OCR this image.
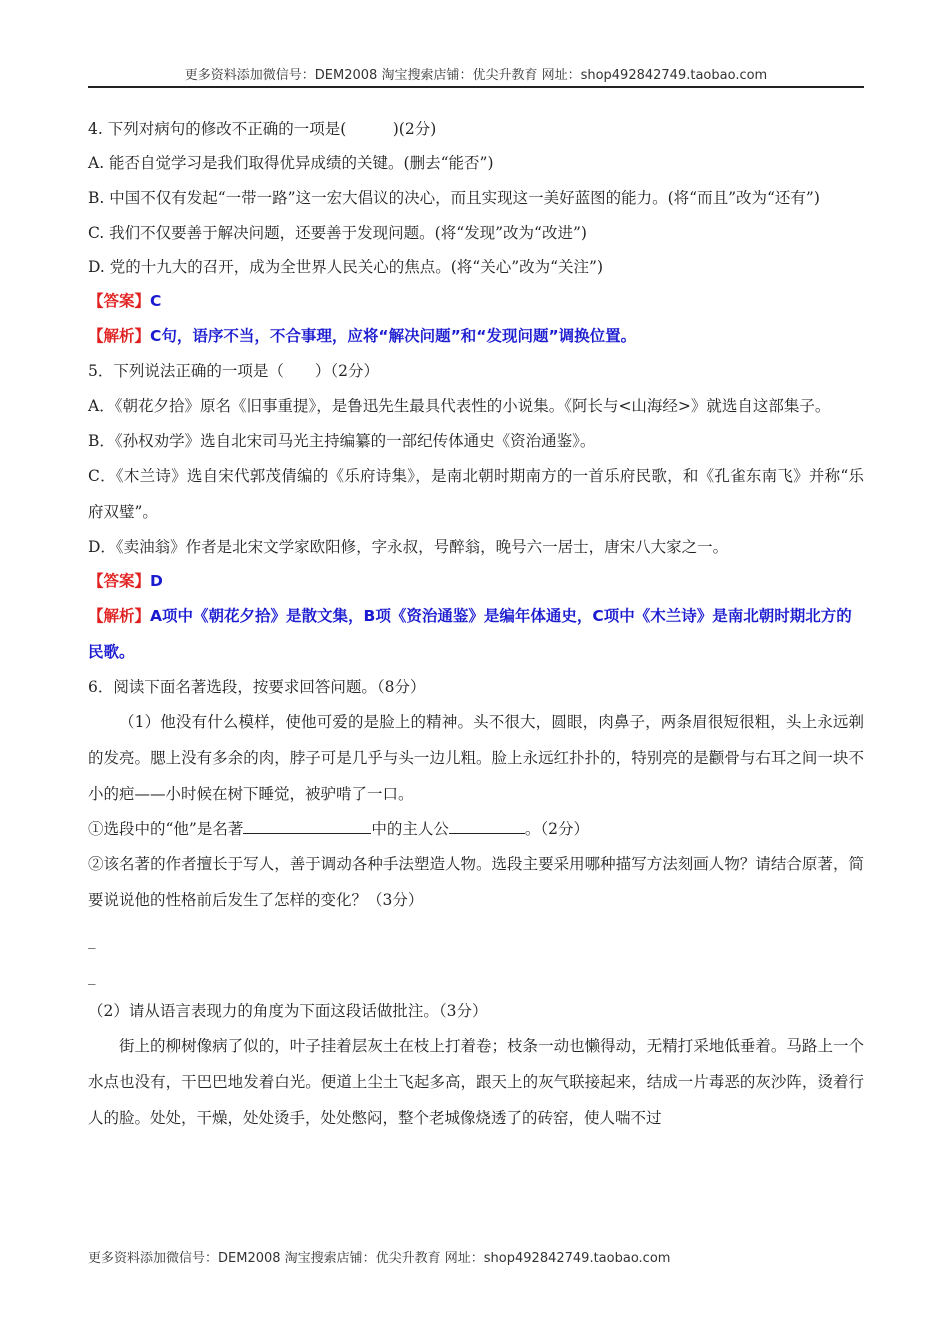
更多资料添加微信号：DEM2008 淘宝搜索店铺：优尖升教育 网址：shop492842749.taobao.com
4. 下列对病句的修改不正确的一项是(　　　)(2分)
A. 能否自觉学习是我们取得优异成绩的关键。(删去“能否”)
B. 中国不仅有发起“一带一路”这一宏大倡议的决心，而且实现这一美好蓝图的能力。(将“而且”改为“还有”)
C. 我们不仅要善于解决问题，还要善于发现问题。(将“发现”改为“改进”)
D. 党的十九大的召开，成为全世界人民关心的焦点。(将“关心”改为“关注”)
【答案】C
【解析】C句，语序不当，不合事理，应将“解决问题”和“发现问题”调换位置。
5．下列说法正确的一项是（　　）（2分）
A．《朝花夕拾》原名《旧事重提》，是鲁迅先生最具代表性的小说集。《阿长与<山海经>》就选自这部集子。
B．《孙权劝学》选自北宋司马光主持编纂的一部纪传体通史《资治通鉴》。
C．《木兰诗》选自宋代郭茂倩编的《乐府诗集》，是南北朝时期南方的一首乐府民歌，和《孔雀东南飞》并称“乐府双璧”。
D．《卖油翁》作者是北宋文学家欧阳修，字永叔，号醉翁，晚号六一居士，唐宋八大家之一。
【答案】D
【解析】A项中《朝花夕拾》是散文集，B项《资治通鉴》是编年体通史，C项中《木兰诗》是南北朝时期北方的民歌。
6．阅读下面名著选段，按要求回答问题。（8分）
（1）他没有什么模样，使他可爱的是脸上的精神。头不很大，圆眼，肉鼻子，两条眉很短很粗，头上永远剃的发亮。腮上没有多余的肉，脖子可是几乎与头一边儿粗。脸上永远红扑扑的，特别亮的是颧骨与右耳之间一块不小的疤——小时候在树下睡觉，被驴啃了一口。
①选段中的“他”是名著	中的主人公	。（2分）
②该名著的作者擅长于写人，善于调动各种手法塑造人物。选段主要采用哪种描写方法刻画人物？请结合原著，简要说说他的性格前后发生了怎样的变化？（3分）
_
_
（2）请从语言表现力的角度为下面这段话做批注。（3分）
街上的柳树像病了似的，叶子挂着层灰土在枝上打着卷；枝条一动也懒得动，无精打采地低垂着。马路上一个水点也没有，干巴巴地发着白光。便道上尘土飞起多高，跟天上的灰气联接起来，结成一片毒恶的灰沙阵，烫着行人的脸。处处，干燥，处处烫手，处处憋闷，整个老城像烧透了的砖窑，使人喘不过
更多资料添加微信号：DEM2008 淘宝搜索店铺：优尖升教育 网址：shop492842749.taobao.com
